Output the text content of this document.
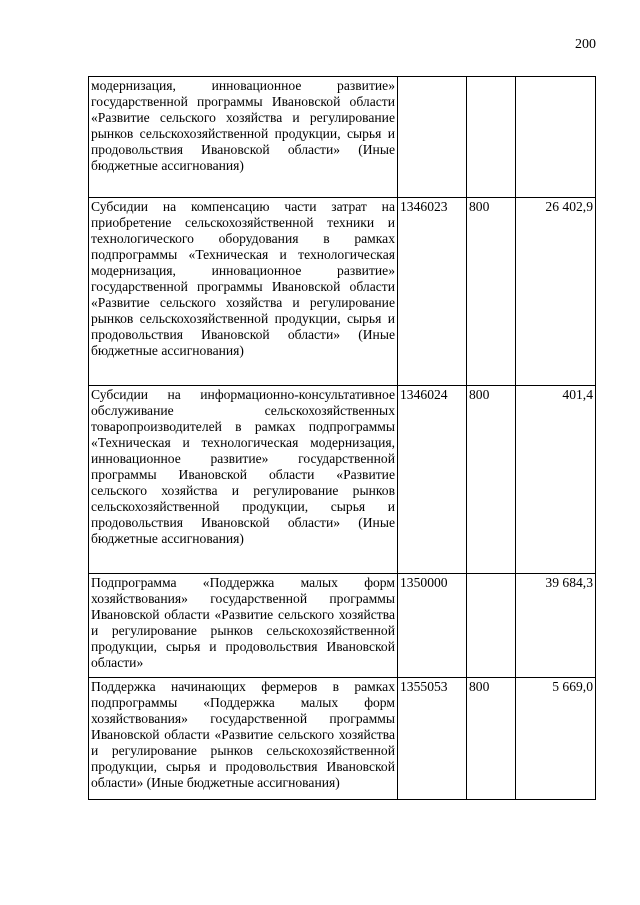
200
модернизация, инновационное развитие» государственной программы Ивановской области «Развитие сельского хозяйства и регулирование рынков сельскохозяйственной продукции, сырья и продовольствия Ивановской области» (Иные бюджетные ассигнования)			
Субсидии на компенсацию части затрат на приобретение сельскохозяйственной техники и технологического оборудования в рамках подпрограммы «Техническая и технологическая модернизация, инновационное развитие» государственной программы Ивановской области «Развитие сельского хозяйства и регулирование рынков сельскохозяйственной продукции, сырья и продовольствия Ивановской области» (Иные бюджетные ассигнования)	1346023	800	26 402,9
Субсидии на информационно-консультативное обслуживание сельскохозяйственных товаропроизводителей в рамках подпрограммы «Техническая и технологическая модернизация, инновационное развитие» государственной программы Ивановской области «Развитие сельского хозяйства и регулирование рынков сельскохозяйственной продукции, сырья и продовольствия Ивановской области» (Иные бюджетные ассигнования)	1346024	800	401,4
Подпрограмма «Поддержка малых форм хозяйствования» государственной программы Ивановской области «Развитие сельского хозяйства и регулирование рынков сельскохозяйственной продукции, сырья и продовольствия Ивановской области»	1350000		39 684,3
Поддержка начинающих фермеров в рамках подпрограммы «Поддержка малых форм хозяйствования» государственной программы Ивановской области «Развитие сельского хозяйства и регулирование рынков сельскохозяйственной продукции, сырья и продовольствия Ивановской области» (Иные бюджетные ассигнования)	1355053	800	5 669,0
